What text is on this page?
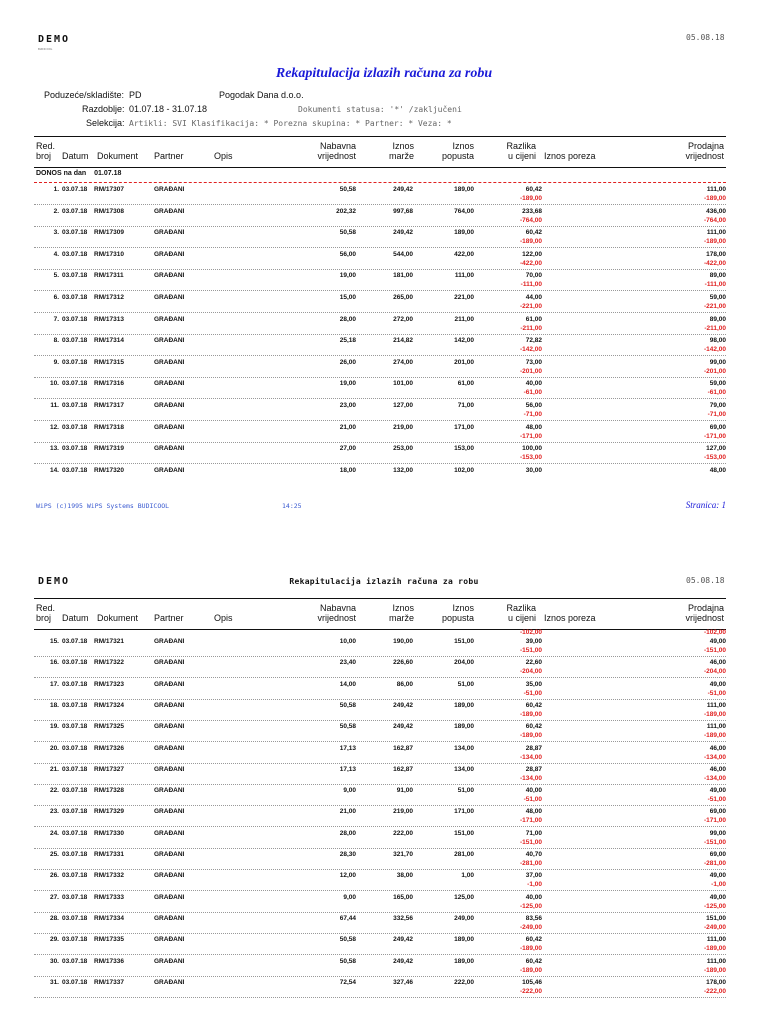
DEMO
BUDICOOL
05.08.18
Rekapitulacija izlazih računa za robu
Poduzeće/skladište: PD	Pogodak Dana d.o.o.
Razdoblje: 01.07.18 - 31.07.18	Dokumenti statusa: '*' /zaključeni
Selekcija: Artikli: SVI Klasifikacija: * Porezna skupina: * Partner: * Veza: *
Red.
broj	Datum Dokument Partner	Opis
Nabavna
vrijednost
Iznos
marže
Iznos
popusta
Razlika
u cijeni Iznos poreza
Prodajna
vrijednost
DONOS na dan 01.07.18
1. 03.07.18 RM/17307	GRAĐANI	50,58	249,42	189,00	60,42	111,00
-189,00	-189,00
2. 03.07.18 RM/17308	GRAĐANI	202,32	997,68	764,00	233,68	436,00
-764,00	-764,00
3. 03.07.18 RM/17309	GRAĐANI	50,58	249,42	189,00	60,42	111,00
-189,00	-189,00
4. 03.07.18 RM/17310	GRAĐANI	56,00	544,00	422,00	122,00	178,00
-422,00	-422,00
5. 03.07.18 RM/17311	GRAĐANI	19,00	181,00	111,00	70,00	89,00
-111,00	-111,00
6. 03.07.18 RM/17312	GRAĐANI	15,00	265,00	221,00	44,00	59,00
-221,00	-221,00
7. 03.07.18 RM/17313	GRAĐANI	28,00	272,00	211,00	61,00	89,00
-211,00	-211,00
8. 03.07.18 RM/17314	GRAĐANI	25,18	214,82	142,00	72,82	98,00
-142,00	-142,00
9. 03.07.18 RM/17315	GRAĐANI	26,00	274,00	201,00	73,00	99,00
-201,00	-201,00
10. 03.07.18 RM/17316	GRAĐANI	19,00	101,00	61,00	40,00	59,00
-61,00	-61,00
11. 03.07.18 RM/17317	GRAĐANI	23,00	127,00	71,00	56,00	79,00
-71,00	-71,00
12. 03.07.18 RM/17318	GRAĐANI	21,00	219,00	171,00	48,00	69,00
-171,00	-171,00
13. 03.07.18 RM/17319	GRAĐANI	27,00	253,00	153,00	100,00	127,00
-153,00	-153,00
14. 03.07.18 RM/17320	GRAĐANI	18,00	132,00	102,00	30,00	48,00
WiPS (c)1995 WiPS Systems BUDICOOL	14:25	Stranica: 1
DEMO	Rekapitulacija izlazih računa za robu	05.08.18
Red.
broj	Datum Dokument Partner	Opis
Nabavna
vrijednost
Iznos
marže
Iznos
popusta
Razlika
u cijeni Iznos poreza
Prodajna
vrijednost
-102,00	-102,00
15. 03.07.18 RM/17321	GRAĐANI	10,00	190,00	151,00	39,00	49,00
-151,00	-151,00
16. 03.07.18 RM/17322	GRAĐANI	23,40	226,60	204,00	22,60	46,00
-204,00	-204,00
17. 03.07.18 RM/17323	GRAĐANI	14,00	86,00	51,00	35,00	49,00
-51,00	-51,00
18. 03.07.18 RM/17324	GRAĐANI	50,58	249,42	189,00	60,42	111,00
-189,00	-189,00
19. 03.07.18 RM/17325	GRAĐANI	50,58	249,42	189,00	60,42	111,00
-189,00	-189,00
20. 03.07.18 RM/17326	GRAĐANI	17,13	162,87	134,00	28,87	46,00
-134,00	-134,00
21. 03.07.18 RM/17327	GRAĐANI	17,13	162,87	134,00	28,87	46,00
-134,00	-134,00
22. 03.07.18 RM/17328	GRAĐANI	9,00	91,00	51,00	40,00	49,00
-51,00	-51,00
23. 03.07.18 RM/17329	GRAĐANI	21,00	219,00	171,00	48,00	69,00
-171,00	-171,00
24. 03.07.18 RM/17330	GRAĐANI	28,00	222,00	151,00	71,00	99,00
-151,00	-151,00
25. 03.07.18 RM/17331	GRAĐANI	28,30	321,70	281,00	40,70	69,00
-281,00	-281,00
26. 03.07.18 RM/17332	GRAĐANI	12,00	38,00	1,00	37,00	49,00
-1,00	-1,00
27. 03.07.18 RM/17333	GRAĐANI	9,00	165,00	125,00	40,00	49,00
-125,00	-125,00
28. 03.07.18 RM/17334	GRAĐANI	67,44	332,56	249,00	83,56	151,00
-249,00	-249,00
29. 03.07.18 RM/17335	GRAĐANI	50,58	249,42	189,00	60,42	111,00
-189,00	-189,00
30. 03.07.18 RM/17336	GRAĐANI	50,58	249,42	189,00	60,42	111,00
-189,00	-189,00
31. 03.07.18 RM/17337	GRAĐANI	72,54	327,46	222,00	105,46	178,00
-222,00	-222,00
